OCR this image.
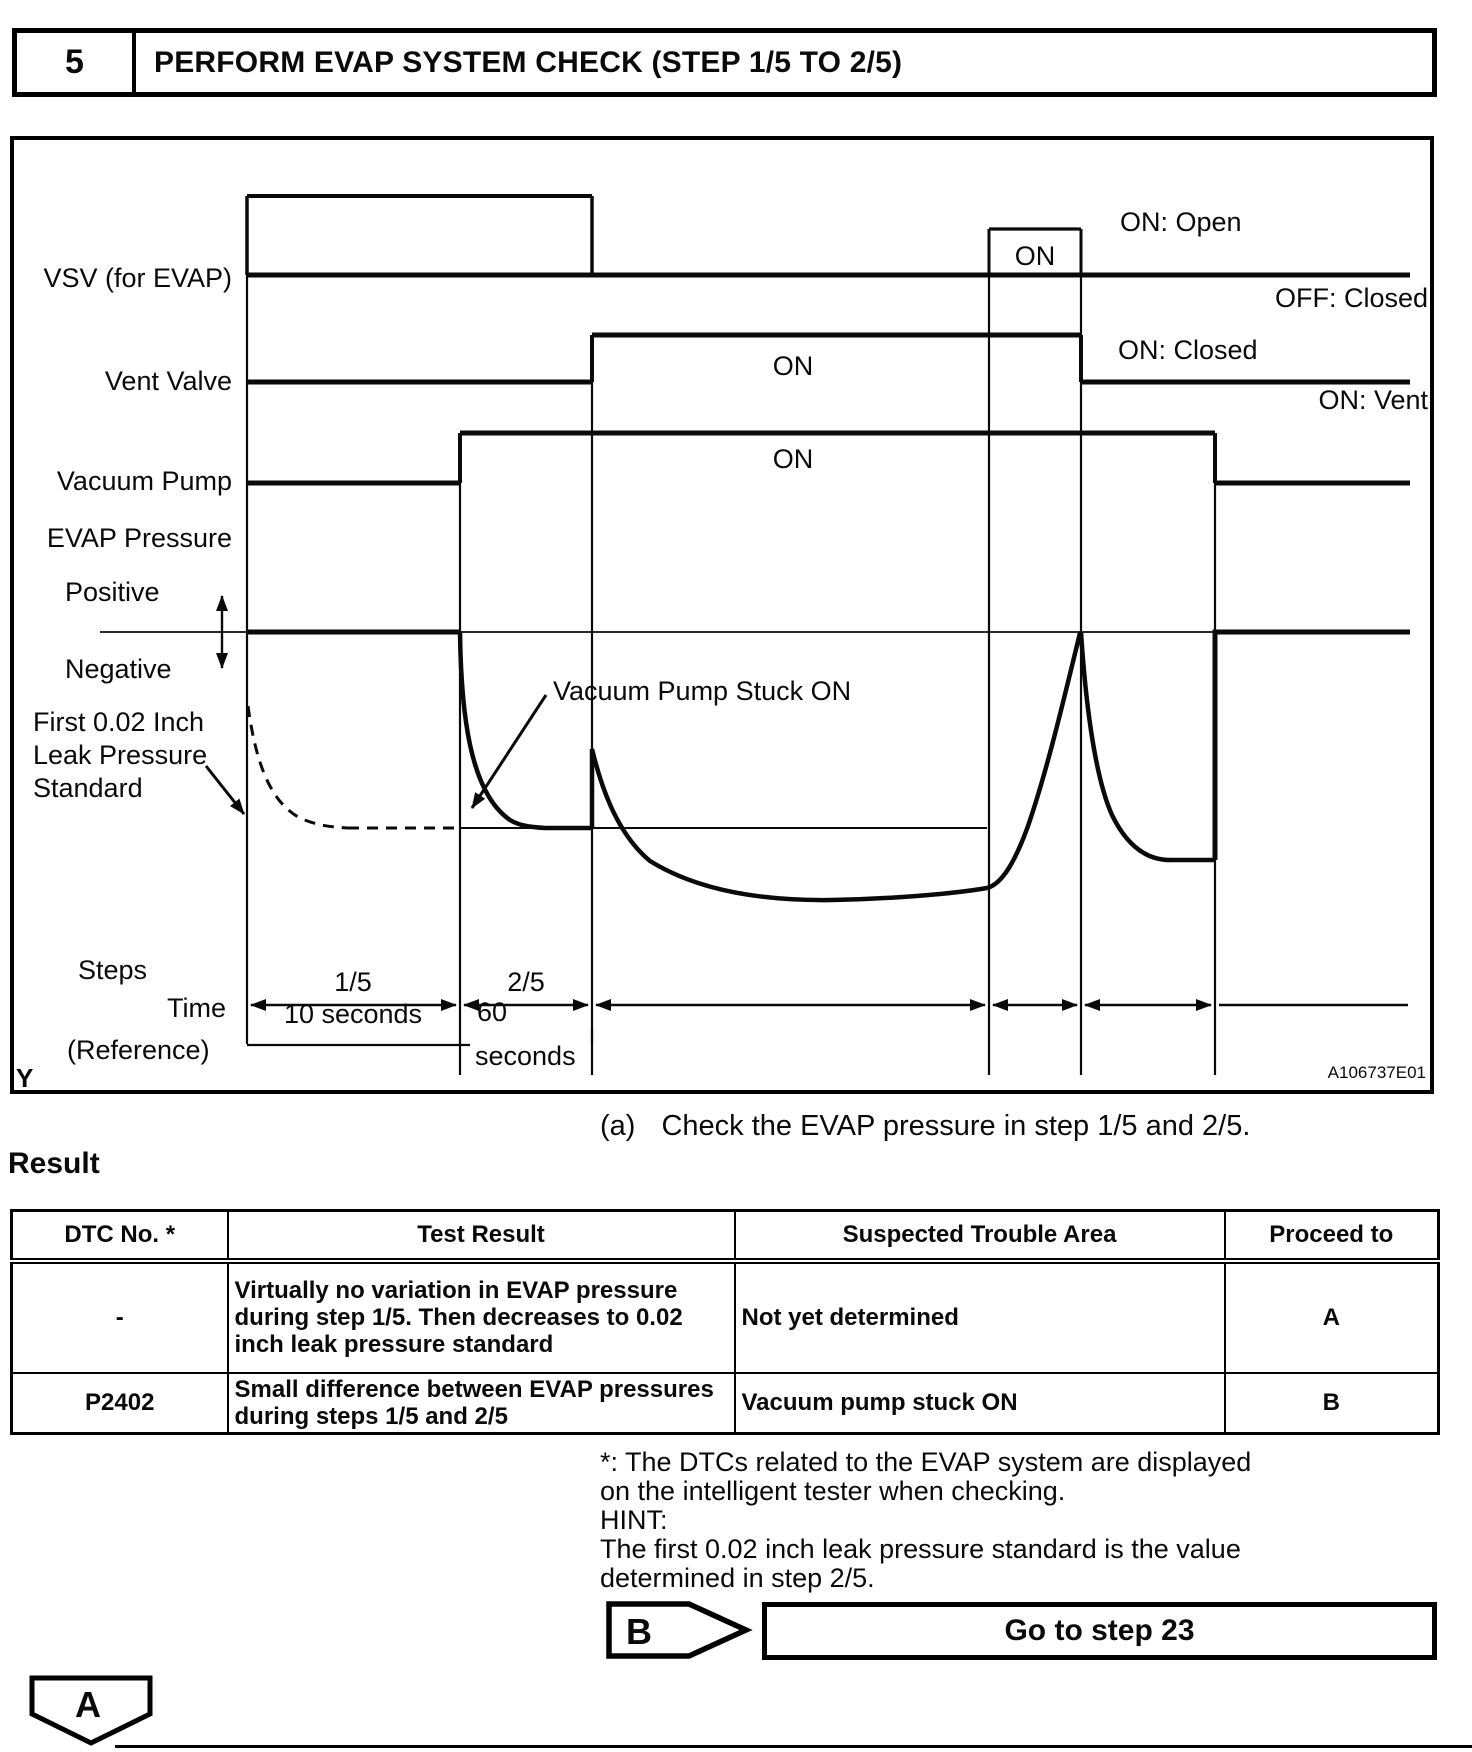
5	PERFORM EVAP SYSTEM CHECK (STEP 1/5 TO 2/5)
VSV (for EVAP)
Vent Valve
Vacuum Pump
EVAP Pressure
Positive
Negative
First 0.02 Inch
Leak Pressure
Standard
Vacuum Pump Stuck ON
Steps
Time
(Reference)
Y
ON: Open
OFF: Closed
ON: Closed
ON: Vent
ON
ON
ON
1/5	2/5
10 seconds 60
seconds
A106737E01
(a) Check the EVAP pressure in step 1/5 and 2/5.
Result
DTC No. *	Test Result	Suspected Trouble Area	Proceed to
-	Virtually no variation in EVAP pressure during step 1/5. Then decreases to 0.02 inch leak pressure standard	Not yet determined	A
P2402	Small difference between EVAP pressures during steps 1/5 and 2/5	Vacuum pump stuck ON	B
*: The DTCs related to the EVAP system are displayed
on the intelligent tester when checking.
HINT:
The first 0.02 inch leak pressure standard is the value
determined in step 2/5.
B	Go to step 23
A
